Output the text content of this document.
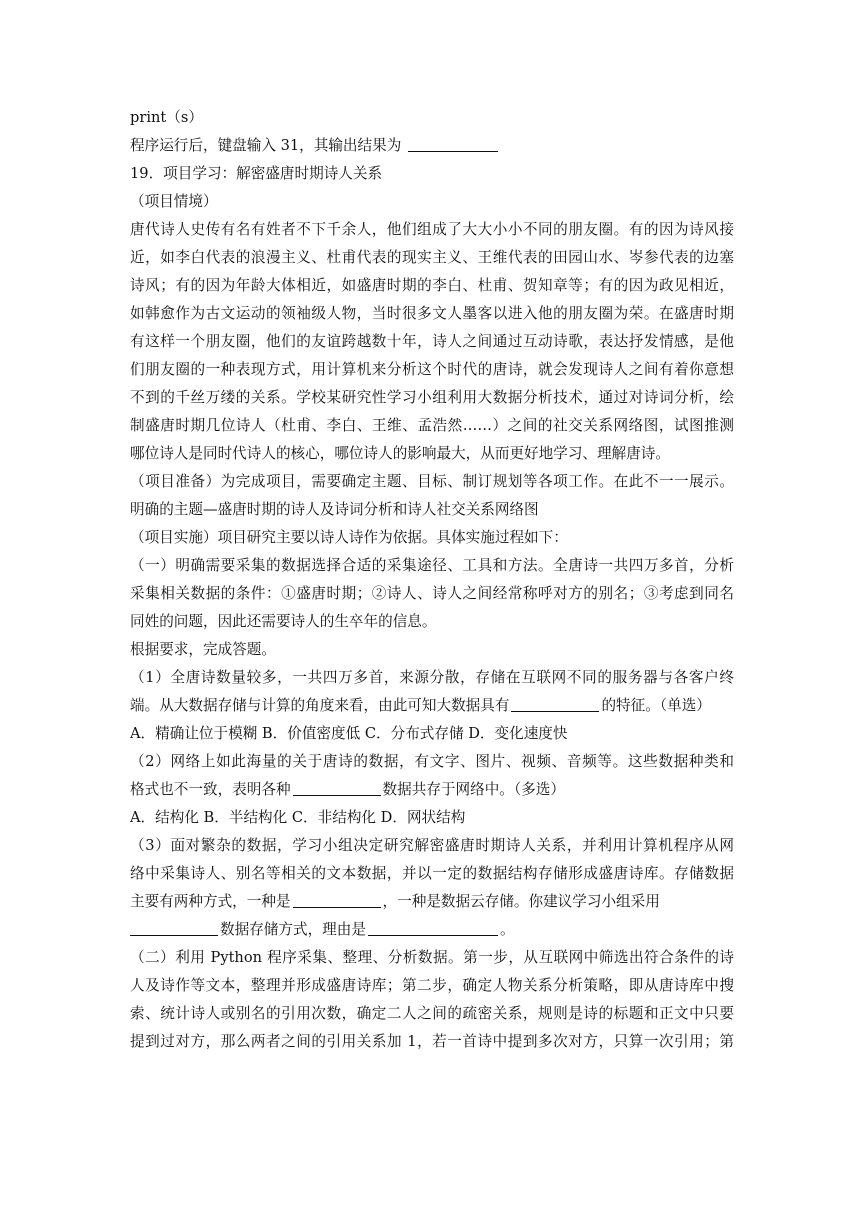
print（s）
程序运行后，键盘输入 31，其输出结果为
19．项目学习：解密盛唐时期诗人关系
（项目情境）
唐代诗人史传有名有姓者不下千余人，他们组成了大大小小不同的朋友圈。有的因为诗风接
近，如李白代表的浪漫主义、杜甫代表的现实主义、王维代表的田园山水、岑参代表的边塞
诗风；有的因为年龄大体相近，如盛唐时期的李白、杜甫、贺知章等；有的因为政见相近，
如韩愈作为古文运动的领袖级人物，当时很多文人墨客以进入他的朋友圈为荣。在盛唐时期
有这样一个朋友圈，他们的友谊跨越数十年，诗人之间通过互动诗歌，表达抒发情感，是他
们朋友圈的一种表现方式，用计算机来分析这个时代的唐诗，就会发现诗人之间有着你意想
不到的千丝万缕的关系。学校某研究性学习小组利用大数据分析技术，通过对诗词分析，绘
制盛唐时期几位诗人（杜甫、李白、王维、孟浩然……）之间的社交关系网络图，试图推测
哪位诗人是同时代诗人的核心，哪位诗人的影响最大，从而更好地学习、理解唐诗。
（项目准备）为完成项目，需要确定主题、目标、制订规划等各项工作。在此不一一展示。
明确的主题—盛唐时期的诗人及诗词分析和诗人社交关系网络图
（项目实施）项目研究主要以诗人诗作为依据。具体实施过程如下：
（一）明确需要采集的数据选择合适的采集途径、工具和方法。全唐诗一共四万多首，分析
采集相关数据的条件：①盛唐时期；②诗人、诗人之间经常称呼对方的别名；③考虑到同名
同姓的问题，因此还需要诗人的生卒年的信息。
根据要求，完成答题。
（1）全唐诗数量较多，一共四万多首，来源分散，存储在互联网不同的服务器与各客户终
端。从大数据存储与计算的角度来看，由此可知大数据具有	的特征。（单选）
A．精确让位于模糊 B．价值密度低 C．分布式存储 D．变化速度快
（2）网络上如此海量的关于唐诗的数据，有文字、图片、视频、音频等。这些数据种类和
格式也不一致，表明各种	数据共存于网络中。（多选）
A．结构化 B．半结构化 C．非结构化 D．网状结构
（3）面对繁杂的数据，学习小组决定研究解密盛唐时期诗人关系，并利用计算机程序从网
络中采集诗人、别名等相关的文本数据，并以一定的数据结构存储形成盛唐诗库。存储数据
主要有两种方式，一种是	，一种是数据云存储。你建议学习小组采用
数据存储方式，理由是	。
（二）利用 Python 程序采集、整理、分析数据。第一步，从互联网中筛选出符合条件的诗
人及诗作等文本，整理并形成盛唐诗库；第二步，确定人物关系分析策略，即从唐诗库中搜
索、统计诗人或别名的引用次数，确定二人之间的疏密关系，规则是诗的标题和正文中只要
提到过对方，那么两者之间的引用关系加 1，若一首诗中提到多次对方，只算一次引用；第
